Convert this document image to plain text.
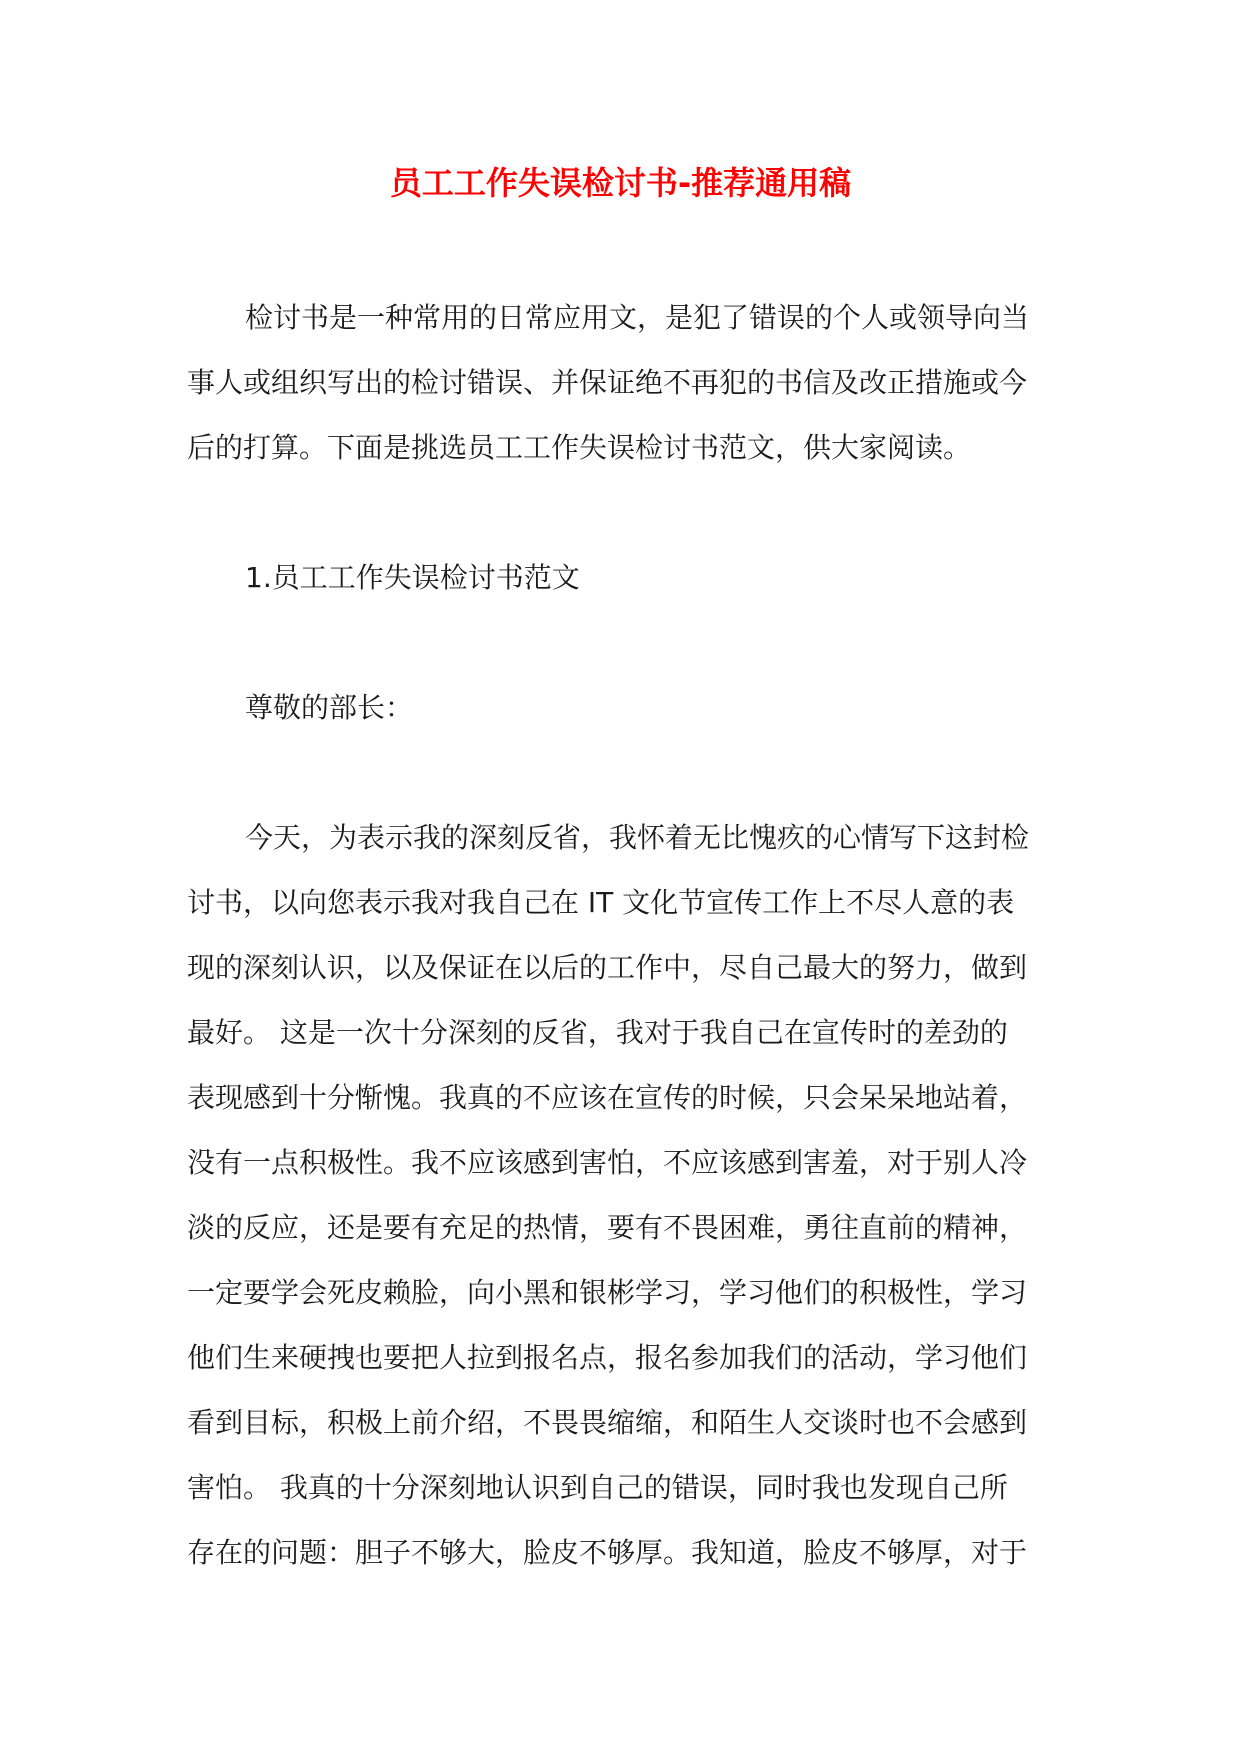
员工工作失误检讨书-推荐通用稿
检讨书是一种常用的日常应用文，是犯了错误的个人或领导向当
事人或组织写出的检讨错误、并保证绝不再犯的书信及改正措施或今
后的打算。下面是挑选员工工作失误检讨书范文，供大家阅读。
1.员工工作失误检讨书范文
尊敬的部长：
今天，为表示我的深刻反省，我怀着无比愧疚的心情写下这封检
讨书，以向您表示我对我自己在 IT 文化节宣传工作上不尽人意的表
现的深刻认识，以及保证在以后的工作中，尽自己最大的努力，做到
最好。 这是一次十分深刻的反省，我对于我自己在宣传时的差劲的
表现感到十分惭愧。我真的不应该在宣传的时候，只会呆呆地站着，
没有一点积极性。我不应该感到害怕，不应该感到害羞，对于别人冷
淡的反应，还是要有充足的热情，要有不畏困难，勇往直前的精神，
一定要学会死皮赖脸，向小黑和银彬学习，学习他们的积极性，学习
他们生来硬拽也要把人拉到报名点，报名参加我们的活动，学习他们
看到目标，积极上前介绍，不畏畏缩缩，和陌生人交谈时也不会感到
害怕。 我真的十分深刻地认识到自己的错误，同时我也发现自己所
存在的问题：胆子不够大，脸皮不够厚。我知道，脸皮不够厚，对于
